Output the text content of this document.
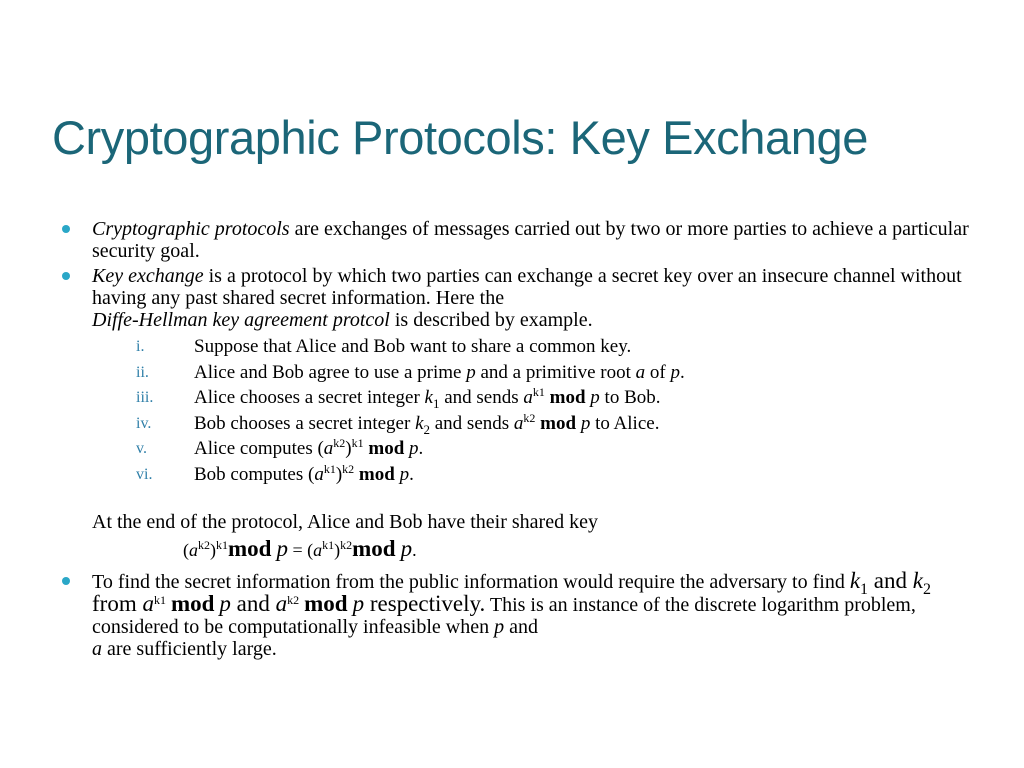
Cryptographic Protocols: Key Exchange
Cryptographic protocols are exchanges of messages carried out by two or more parties to achieve a particular security goal.
Key exchange is a protocol by which two parties can exchange a secret key over an insecure channel without having any past shared secret information. Here the
Diffe-Hellman key agreement protcol is described by example.
i.	Suppose that Alice and Bob want to share a common key.
ii. Alice and Bob agree to use a prime p and a primitive root a of p.
iii. Alice chooses a secret integer $k_1$ and sends $a^{k1}$ mod p to Bob.
iv. Bob chooses a secret integer $k_2$ and sends $a^{k2}$ mod p to Alice.
v. Alice computes $(a^{k2})^{k1}$ mod p.
vi. Bob computes $(a^{k1})^{k2}$ mod p.
At the end of the protocol, Alice and Bob have their shared key
$(a^{k2})^{k1}mod$ $p = (a^{k1})^{k2}mod$ p.
To find the secret information from the public information would require the adversary to find $k_1$ and $k_2$ from $a^{k1}$ mod p and $a^{k2}$ mod p respectively. This is an instance of the discrete logarithm problem, considered to be computationally infeasible when p and
a are sufficiently large.
